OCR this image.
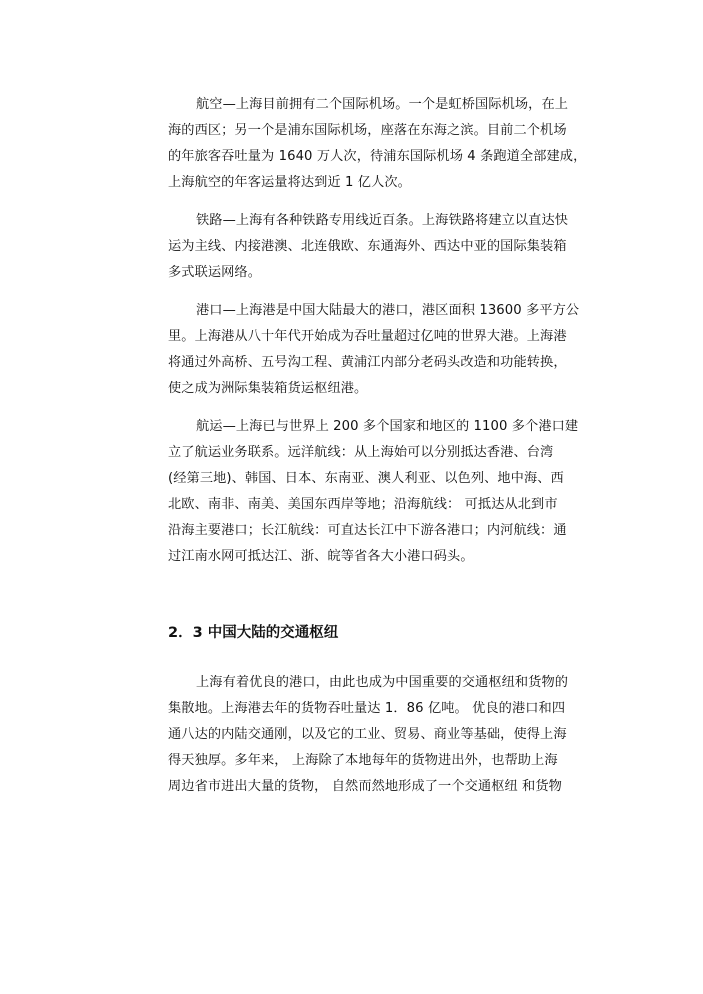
航空—上海目前拥有二个国际机场。一个是虹桥国际机场，在上
海的西区；另一个是浦东国际机场，座落在东海之滨。目前二个机场
的年旅客吞吐量为 1640 万人次，待浦东国际机场 4 条跑道全部建成，
上海航空的年客运量将达到近 1 亿人次。
铁路—上海有各种铁路专用线近百条。上海铁路将建立以直达快
运为主线、内接港澳、北连俄欧、东通海外、西达中亚的国际集装箱
多式联运网络。
港口—上海港是中国大陆最大的港口，港区面积 13600 多平方公
里。上海港从八十年代开始成为吞吐量超过亿吨的世界大港。上海港
将通过外高桥、五号沟工程、黄浦江内部分老码头改造和功能转换，
使之成为洲际集装箱货运枢纽港。
航运—上海已与世界上 200 多个国家和地区的 1100 多个港口建
立了航运业务联系。远洋航线：从上海始可以分别抵达香港、台湾
(经第三地)、韩国、日本、东南亚、澳人利亚、以色列、地中海、西
北欧、南非、南美、美国东西岸等地；沿海航线： 可抵达从北到市
沿海主要港口；长江航线：可直达长江中下游各港口；内河航线：通
过江南水网可抵达江、浙、皖等省各大小港口码头。
2．3 中国大陆的交通枢纽
上海有着优良的港口，由此也成为中国重要的交通枢纽和货物的
集散地。上海港去年的货物吞吐量达 1．86 亿吨。 优良的港口和四
通八达的内陆交通刚，以及它的工业、贸易、商业等基础，使得上海
得天独厚。多年来， 上海除了本地每年的货物进出外，也帮助上海
周边省市进出大量的货物， 自然而然地形成了一个交通枢纽 和货物
